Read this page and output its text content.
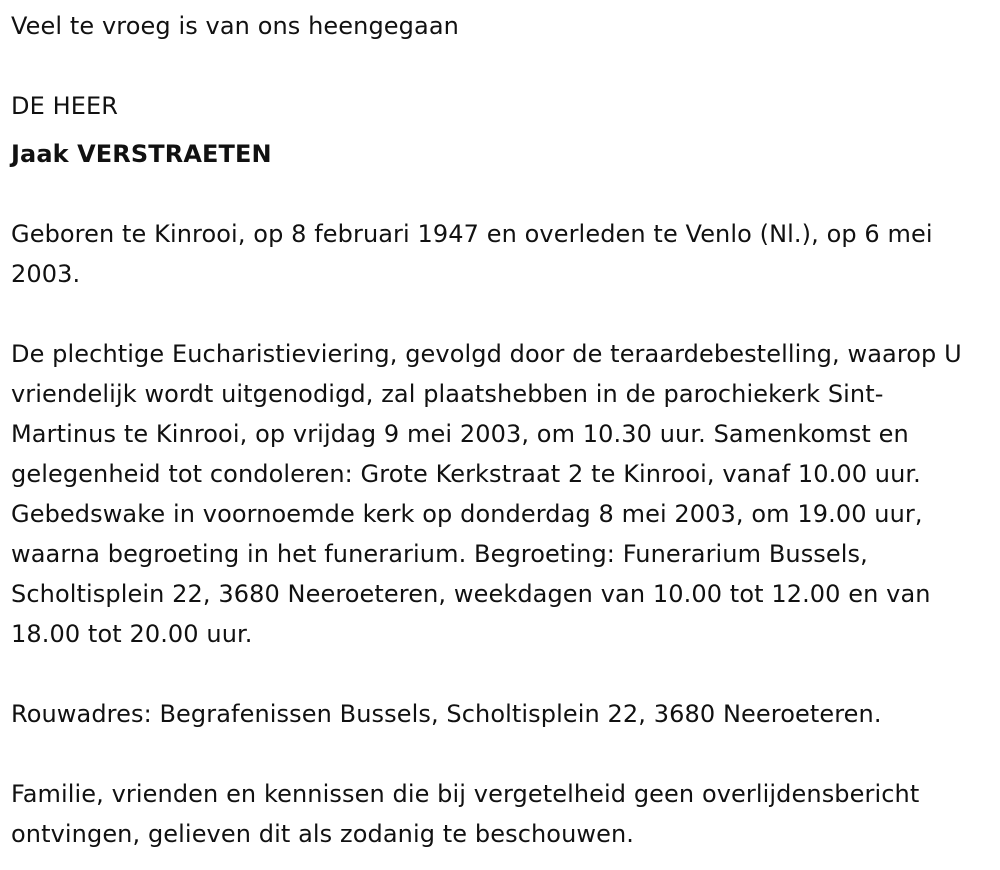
Veel te vroeg is van ons heengegaan

DE HEER

Jaak VERSTRAETEN

Geboren te Kinrooi, op 8 februari 1947 en overleden te Venlo (Nl.), op 6 mei 2003.

De plechtige Eucharistieviering, gevolgd door de teraardebestelling, waarop U vriendelijk wordt uitgenodigd, zal plaatshebben in de parochiekerk Sint-Martinus te Kinrooi, op vrijdag 9 mei 2003, om 10.30 uur. Samenkomst en gelegenheid tot condoleren: Grote Kerkstraat 2 te Kinrooi, vanaf 10.00 uur. Gebedswake in voornoemde kerk op donderdag 8 mei 2003, om 19.00 uur, waarna begroeting in het funerarium. Begroeting: Funerarium Bussels, Scholtisplein 22, 3680 Neeroeteren, weekdagen van 10.00 tot 12.00 en van 18.00 tot 20.00 uur.

Rouwadres: Begrafenissen Bussels, Scholtisplein 22, 3680 Neeroeteren.

Familie, vrienden en kennissen die bij vergetelheid geen overlijdensbericht ontvingen, gelieven dit als zodanig te beschouwen.
